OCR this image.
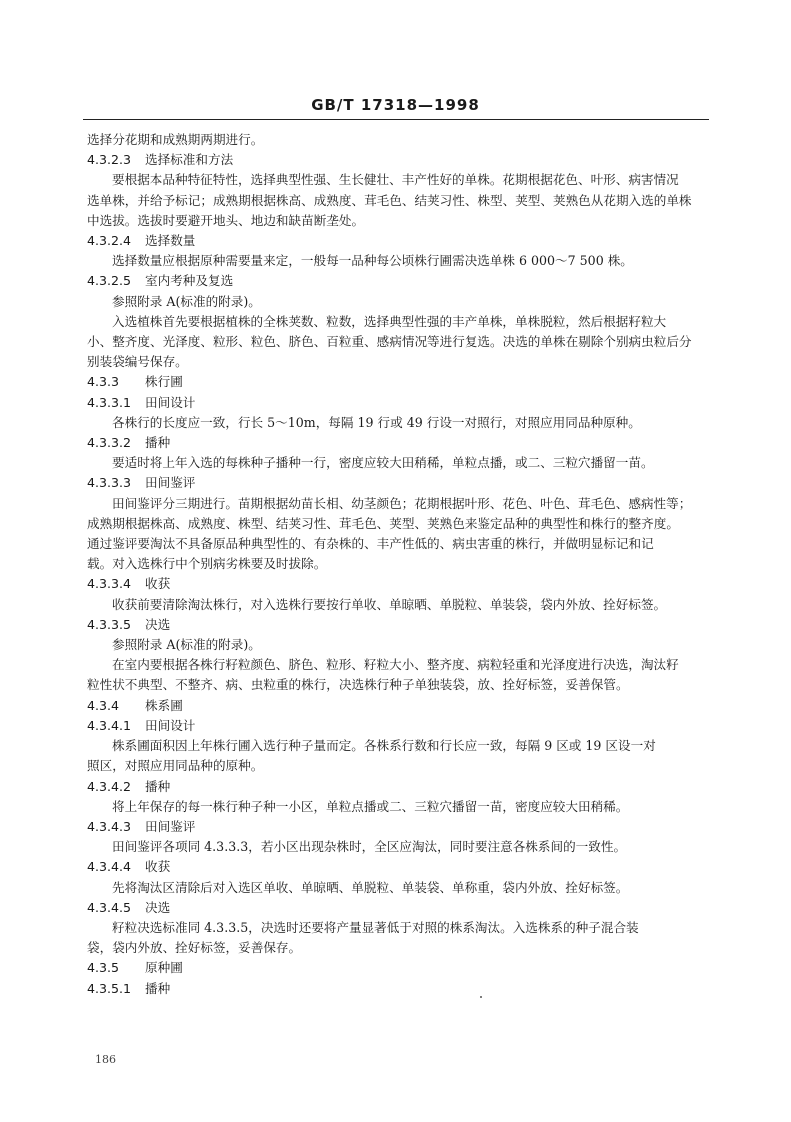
GB/T 17318—1998
选择分花期和成熟期两期进行。
4.3.2.3 选择标准和方法
要根据本品种特征特性，选择典型性强、生长健壮、丰产性好的单株。花期根据花色、叶形、病害情况
选单株，并给予标记；成熟期根据株高、成熟度、茸毛色、结荚习性、株型、荚型、荚熟色从花期入选的单株
中选拔。选拔时要避开地头、地边和缺苗断垄处。
4.3.2.4 选择数量
选择数量应根据原种需要量来定，一般每一品种每公顷株行圃需决选单株 6 000～7 500 株。
4.3.2.5 室内考种及复选
参照附录 A(标准的附录)。
入选植株首先要根据植株的全株荚数、粒数，选择典型性强的丰产单株，单株脱粒，然后根据籽粒大
小、整齐度、光泽度、粒形、粒色、脐色、百粒重、感病情况等进行复选。决选的单株在剔除个别病虫粒后分
别装袋编号保存。
4.3.3 株行圃
4.3.3.1 田间设计
各株行的长度应一致，行长 5～10m，每隔 19 行或 49 行设一对照行，对照应用同品种原种。
4.3.3.2 播种
要适时将上年入选的每株种子播种一行，密度应较大田稍稀，单粒点播，或二、三粒穴播留一苗。
4.3.3.3 田间鉴评
田间鉴评分三期进行。苗期根据幼苗长相、幼茎颜色；花期根据叶形、花色、叶色、茸毛色、感病性等；
成熟期根据株高、成熟度、株型、结荚习性、茸毛色、荚型、荚熟色来鉴定品种的典型性和株行的整齐度。
通过鉴评要淘汰不具备原品种典型性的、有杂株的、丰产性低的、病虫害重的株行，并做明显标记和记
载。对入选株行中个别病劣株要及时拔除。
4.3.3.4 收获
收获前要清除淘汰株行，对入选株行要按行单收、单晾晒、单脱粒、单装袋，袋内外放、拴好标签。
4.3.3.5 决选
参照附录 A(标准的附录)。
在室内要根据各株行籽粒颜色、脐色、粒形、籽粒大小、整齐度、病粒轻重和光泽度进行决选，淘汰籽
粒性状不典型、不整齐、病、虫粒重的株行，决选株行种子单独装袋，放、拴好标签，妥善保管。
4.3.4 株系圃
4.3.4.1 田间设计
株系圃面积因上年株行圃入选行种子量而定。各株系行数和行长应一致，每隔 9 区或 19 区设一对
照区，对照应用同品种的原种。
4.3.4.2 播种
将上年保存的每一株行种子种一小区，单粒点播或二、三粒穴播留一苗，密度应较大田稍稀。
4.3.4.3 田间鉴评
田间鉴评各项同 4.3.3.3，若小区出现杂株时，全区应淘汰，同时要注意各株系间的一致性。
4.3.4.4 收获
先将淘汰区清除后对入选区单收、单晾晒、单脱粒、单装袋、单称重，袋内外放、拴好标签。
4.3.4.5 决选
籽粒决选标准同 4.3.3.5，决选时还要将产量显著低于对照的株系淘汰。入选株系的种子混合装
袋，袋内外放、拴好标签，妥善保存。
4.3.5 原种圃
4.3.5.1 播种
186
